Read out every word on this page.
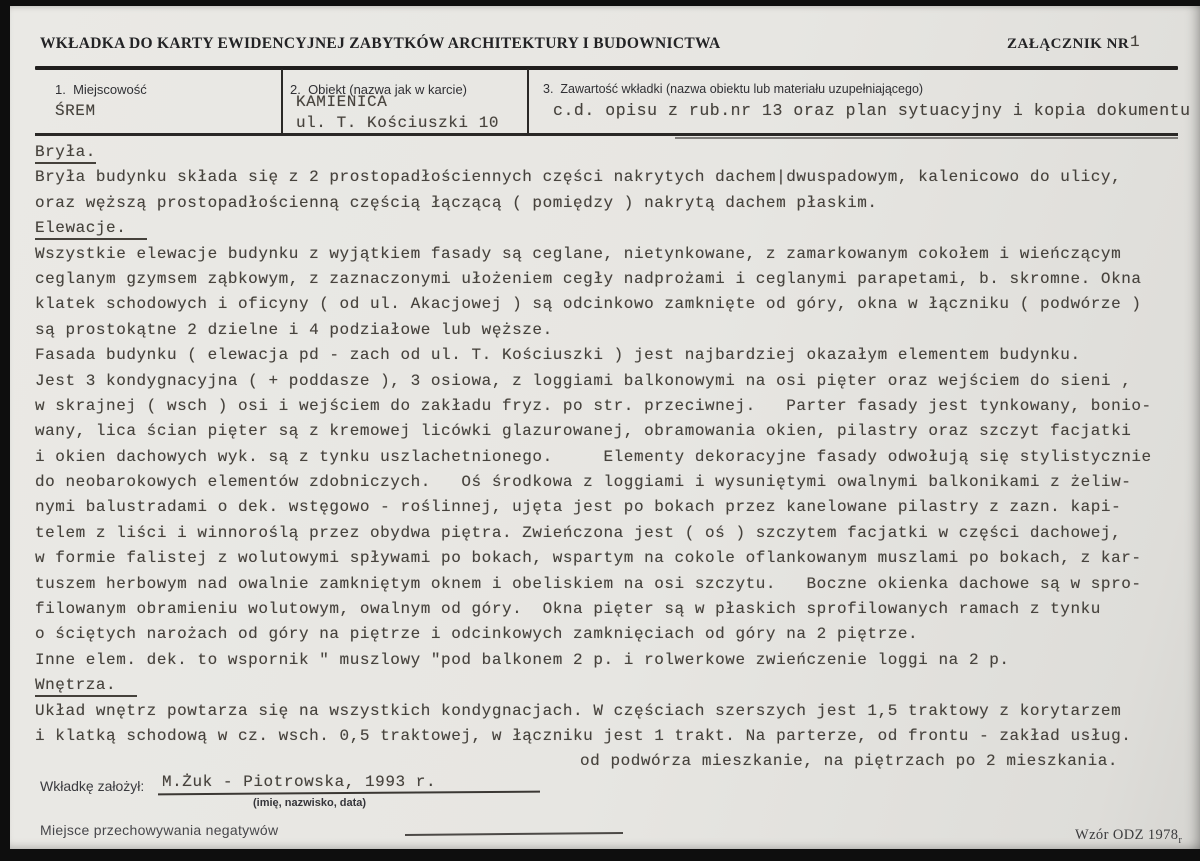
WKŁADKA DO KARTY EWIDENCYJNEJ ZABYTKÓW ARCHITEKTURY I BUDOWNICTWA	ZAŁĄCZNIK NR 1
1.  Miejscowość
ŚREM
2.  Obiekt (nazwa jak w karcie)
KAMIENICA
ul. T. Kościuszki 10
3.  Zawartość wkładki (nazwa obiektu lub materiału uzupełniającego)
c.d. opisu z rub.nr 13 oraz plan sytuacyjny i kopia dokumentu
Bryła.
Bryła budynku składa się z 2 prostopadłościennych części nakrytych dachem|dwuspadowym, kalenicowo do ulicy,
oraz węższą prostopadłościenną częścią łączącą ( pomiędzy ) nakrytą dachem płaskim.
Elewacje.
Wszystkie elewacje budynku z wyjątkiem fasady są ceglane, nietynkowane, z zamarkowanym cokołem i wieńczącym
ceglanym gzymsem ząbkowym, z zaznaczonymi ułożeniem cegły nadprożami i ceglanymi parapetami, b. skromne. Okna
klatek schodowych i oficyny ( od ul. Akacjowej ) są odcinkowo zamknięte od góry, okna w łączniku ( podwórze )
są prostokątne 2 dzielne i 4 podziałowe lub węższe.
Fasada budynku ( elewacja pd - zach od ul. T. Kościuszki ) jest najbardziej okazałym elementem budynku.
Jest 3 kondygnacyjna ( + poddasze ), 3 osiowa, z loggiami balkonowymi na osi pięter oraz wejściem do sieni ,
w skrajnej ( wsch ) osi i wejściem do zakładu fryz. po str. przeciwnej.   Parter fasady jest tynkowany, bonio-
wany, lica ścian pięter są z kremowej licówki glazurowanej, obramowania okien, pilastry oraz szczyt facjatki
i okien dachowych wyk. są z tynku uszlachetnionego.     Elementy dekoracyjne fasady odwołują się stylistycznie
do neobarokowych elementów zdobniczych.   Oś środkowa z loggiami i wysuniętymi owalnymi balkonikami z żeliw-
nymi balustradami o dek. wstęgowo - roślinnej, ujęta jest po bokach przez kanelowane pilastry z zazn. kapi-
telem z liści i winnoroślą przez obydwa piętra. Zwieńczona jest ( oś ) szczytem facjatki w części dachowej,
w formie falistej z wolutowymi spływami po bokach, wspartym na cokole oflankowanym muszlami po bokach, z kar-
tuszem herbowym nad owalnie zamkniętym oknem i obeliskiem na osi szczytu.   Boczne okienka dachowe są w spro-
filowanym obramieniu wolutowym, owalnym od góry.  Okna pięter są w płaskich sprofilowanych ramach z tynku
o ściętych narożach od góry na piętrze i odcinkowych zamknięciach od góry na 2 piętrze.
Inne elem. dek. to wspornik " muszlowy "pod balkonem 2 p. i rolwerkowe zwieńczenie loggi na 2 p.
Wnętrza.
Układ wnętrz powtarza się na wszystkich kondygnacjach. W częściach szerszych jest 1,5 traktowy z korytarzem
i klatką schodową w cz. wsch. 0,5 traktowej, w łączniku jest 1 trakt. Na parterze, od frontu - zakład usług.
od podwórza mieszkanie, na piętrzach po 2 mieszkania.
Wkładkę założył: M.Żuk - Piotrowska, 1993 r.
(imię, nazwisko, data)
Miejsce przechowywania negatywów	Wzór ODZ $1978_r$
